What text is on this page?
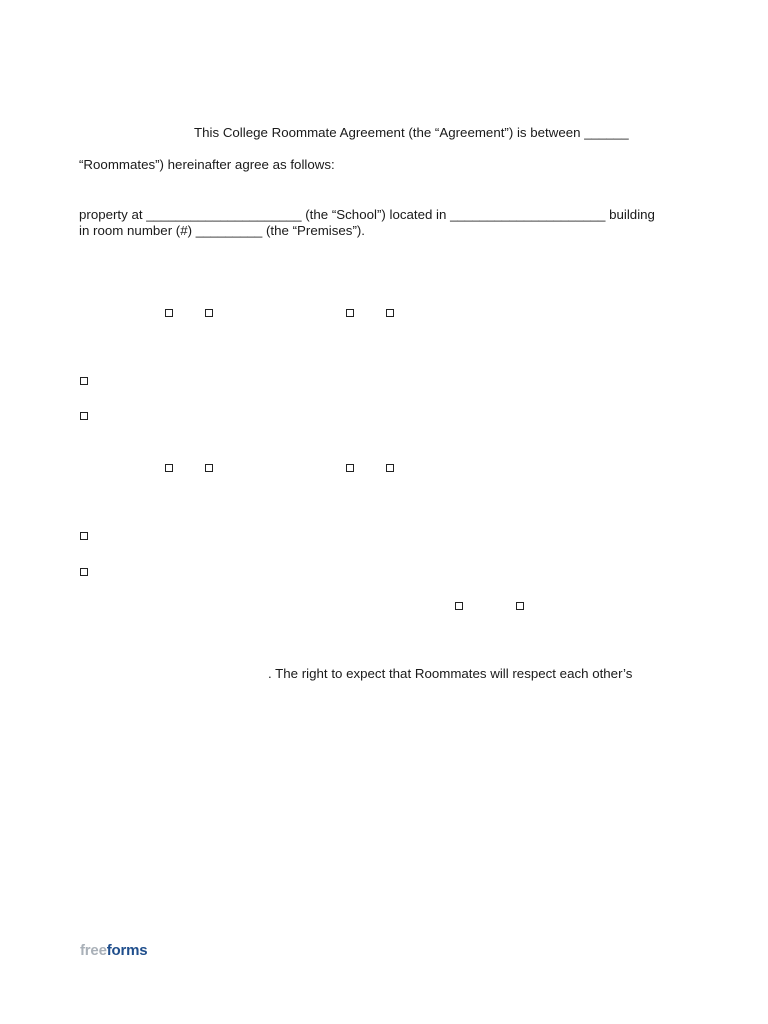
This College Roommate Agreement (the “Agreement”) is between ______
“Roommates”) hereinafter agree as follows:
property at _____________________ (the “School”) located in _____________________ building
in room number (#) _________ (the “Premises”).
. The right to expect that Roommates will respect each other’s
freeforms
